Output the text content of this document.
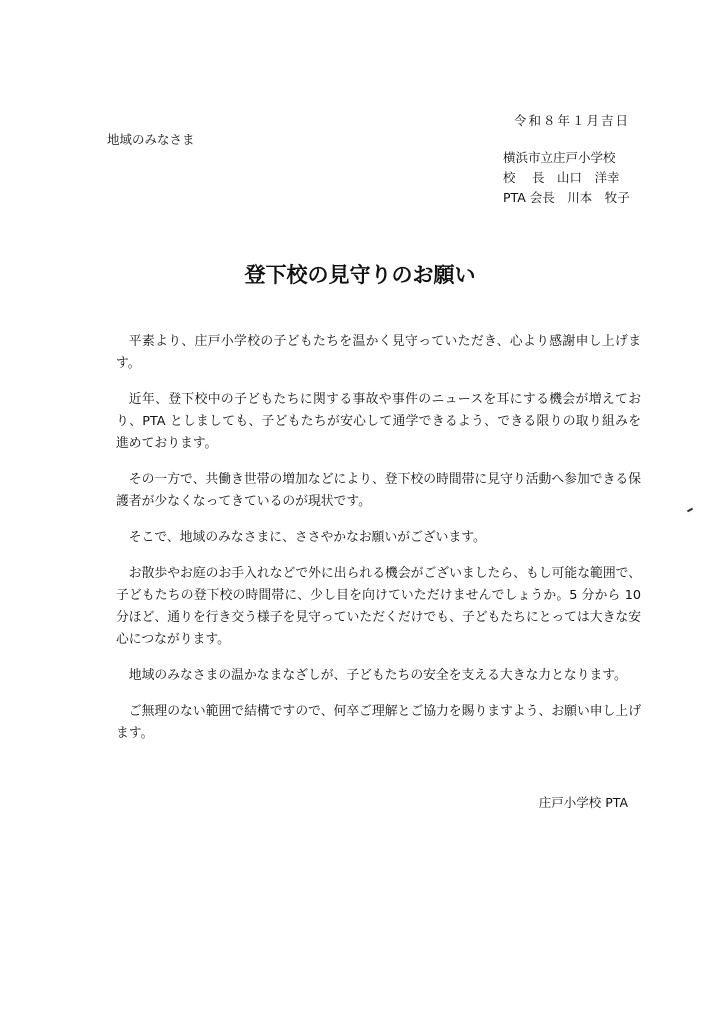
令和８年１月吉日
地域のみなさま
横浜市立庄戸小学校
校　 長　山口　洋幸
PTA 会長　川本　牧子
登下校の見守りのお願い

平素より、庄戸小学校の子どもたちを温かく見守っていただき、心より感謝申し上げます。

近年、登下校中の子どもたちに関する事故や事件のニュースを耳にする機会が増えており、PTA としましても、子どもたちが安心して通学できるよう、できる限りの取り組みを進めております。

その一方で、共働き世帯の増加などにより、登下校の時間帯に見守り活動へ参加できる保護者が少なくなってきているのが現状です。

そこで、地域のみなさまに、ささやかなお願いがございます。

お散歩やお庭のお手入れなどで外に出られる機会がございましたら、もし可能な範囲で、子どもたちの登下校の時間帯に、少し目を向けていただけませんでしょうか。5 分から 10 分ほど、通りを行き交う様子を見守っていただくだけでも、子どもたちにとっては大きな安心につながります。

地域のみなさまの温かなまなざしが、子どもたちの安全を支える大きな力となります。

ご無理のない範囲で結構ですので、何卒ご理解とご協力を賜りますよう、お願い申し上げます。

庄戸小学校 PTA
